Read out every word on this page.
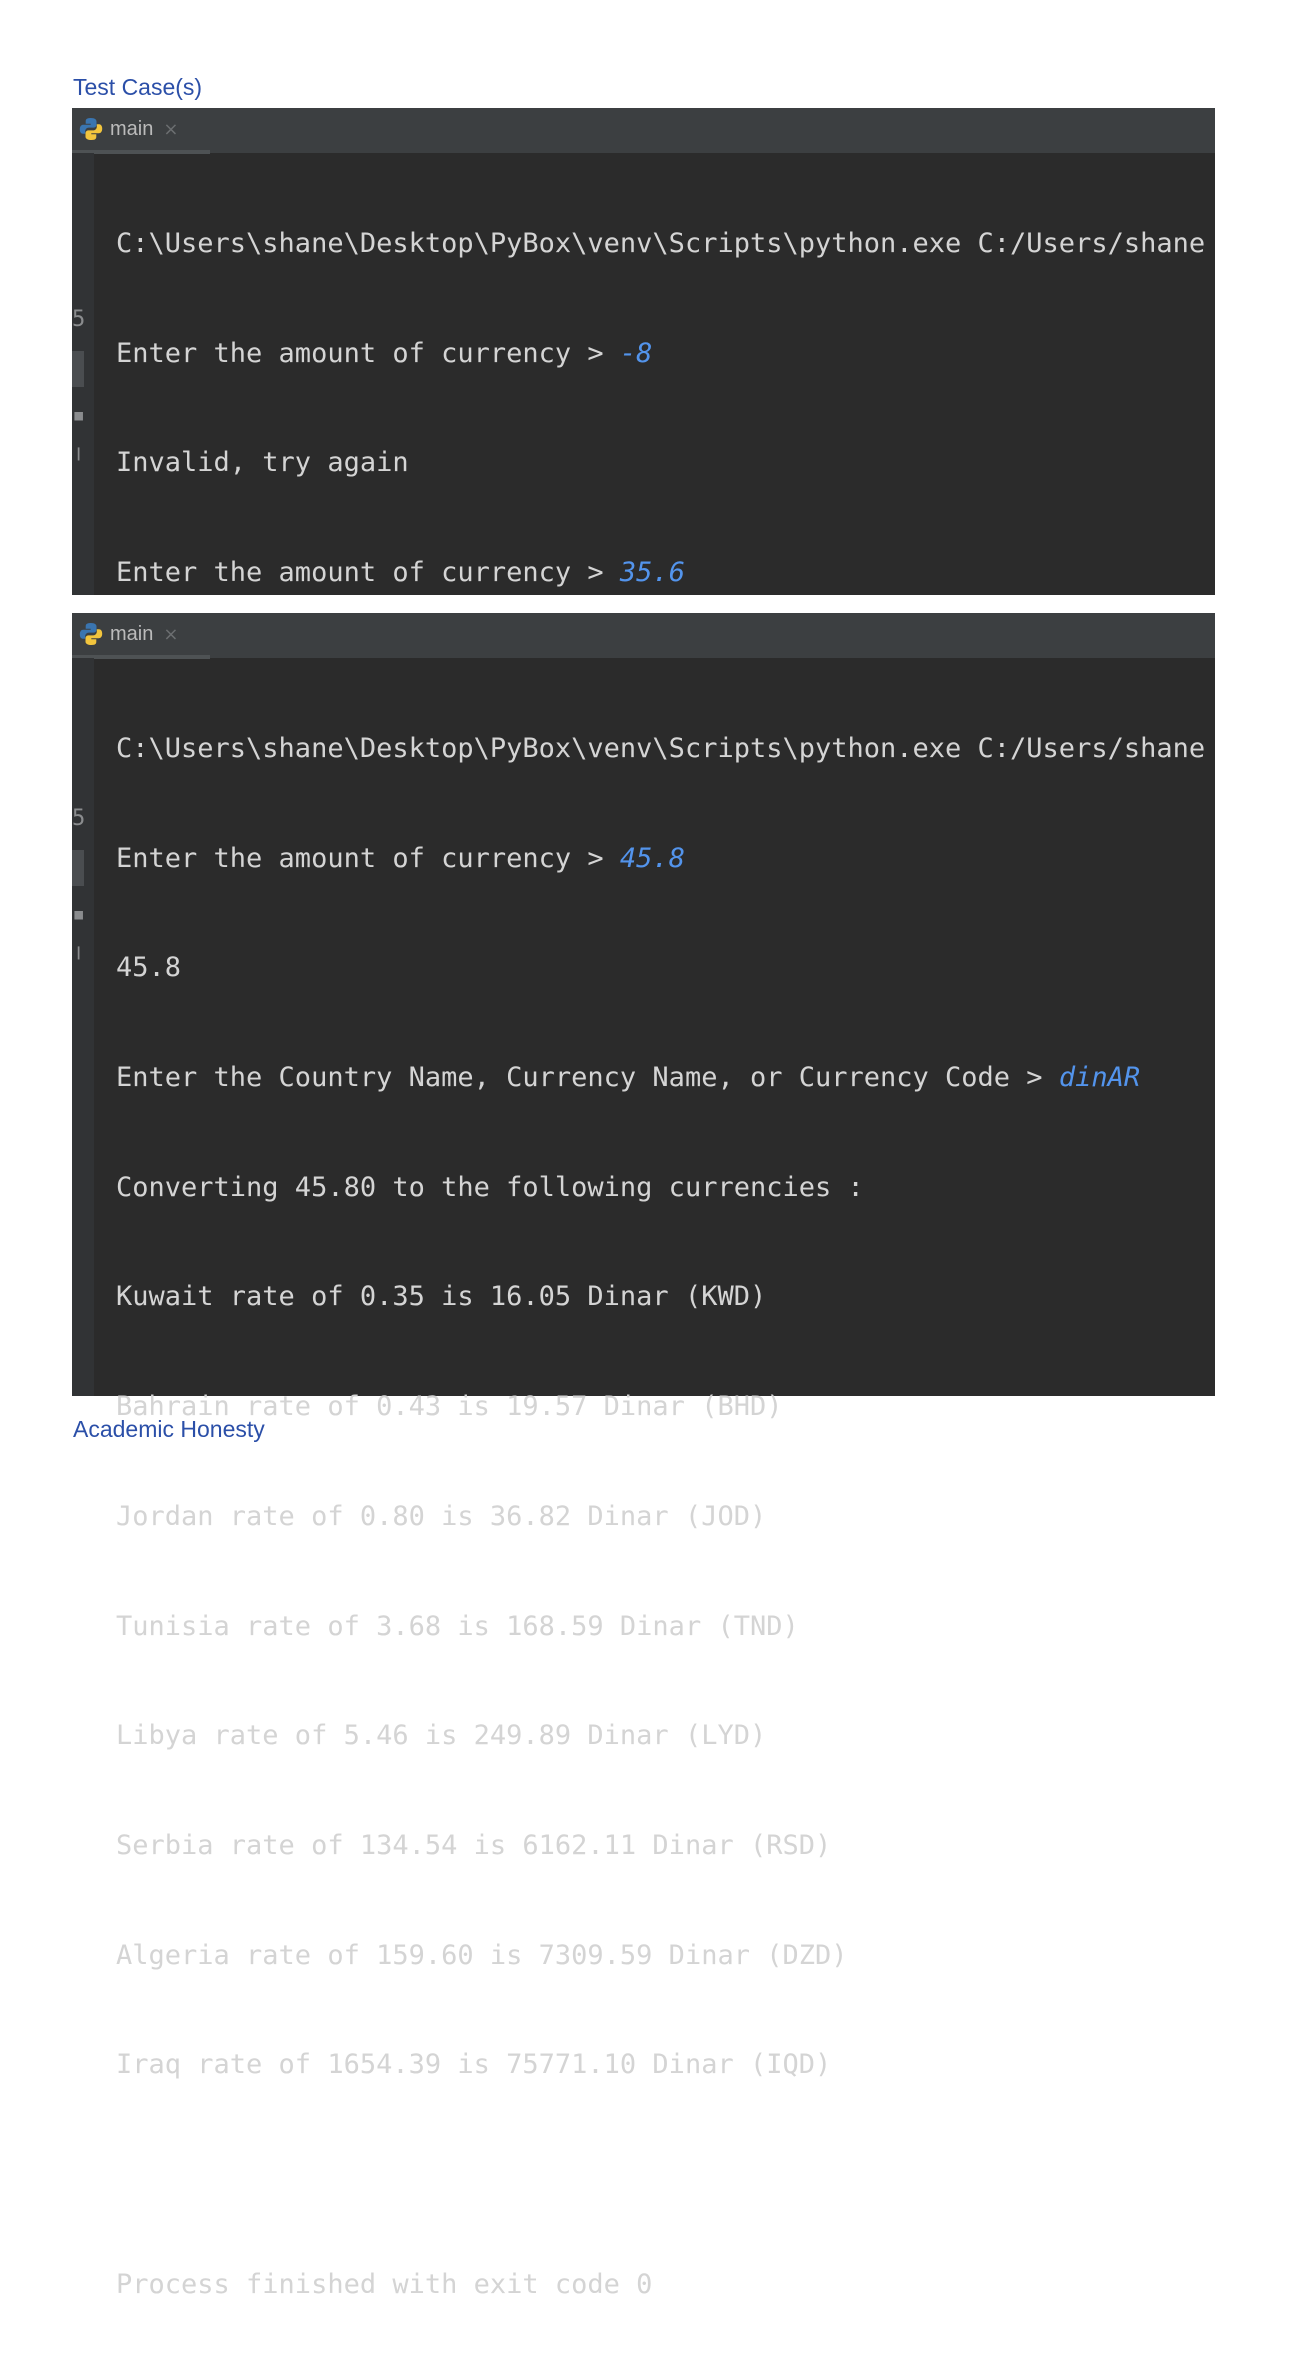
Test Case(s)
main ×
5
▪
╵

C:\Users\shane\Desktop\PyBox\venv\Scripts\python.exe C:/Users/shane

Enter the amount of currency > -8

Invalid, try again

Enter the amount of currency > 35.6

main ×
5
▪
╵

C:\Users\shane\Desktop\PyBox\venv\Scripts\python.exe C:/Users/shane

Enter the amount of currency > 45.8

45.8

Enter the Country Name, Currency Name, or Currency Code > dinAR

Converting 45.80 to the following currencies :

Kuwait rate of 0.35 is 16.05 Dinar (KWD)

Bahrain rate of 0.43 is 19.57 Dinar (BHD)

Jordan rate of 0.80 is 36.82 Dinar (JOD)

Tunisia rate of 3.68 is 168.59 Dinar (TND)

Libya rate of 5.46 is 249.89 Dinar (LYD)

Serbia rate of 134.54 is 6162.11 Dinar (RSD)

Algeria rate of 159.60 is 7309.59 Dinar (DZD)

Iraq rate of 1654.39 is 75771.10 Dinar (IQD)

Process finished with exit code 0

Academic Honesty
